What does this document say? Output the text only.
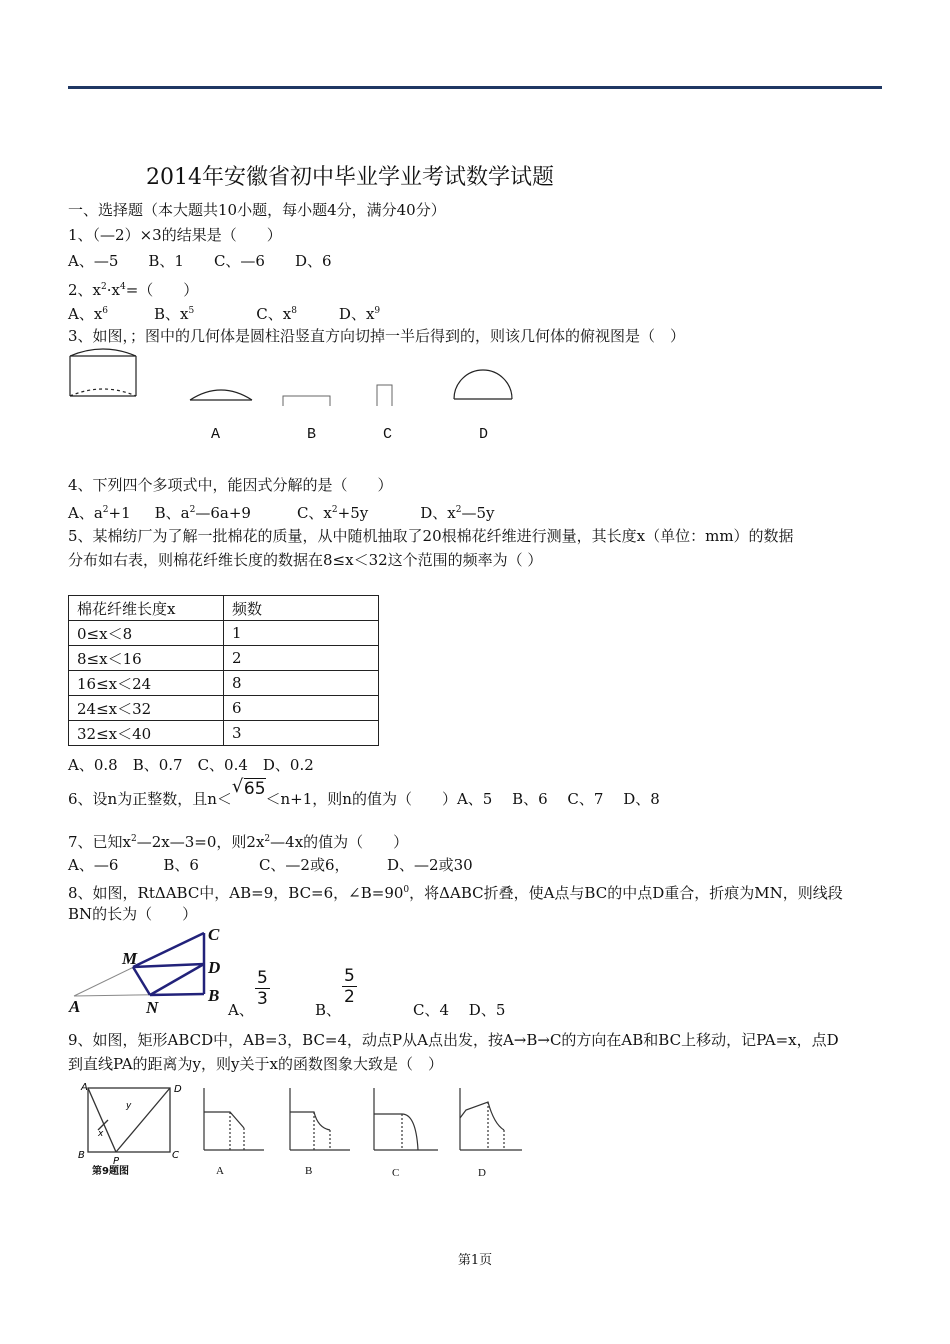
2014年安徽省初中毕业学业考试数学试题
一、选择题（本大题共10小题，每小题4分，满分40分）
1、（—2）×3的结果是（　　）
A、—5　　B、1　　C、—6　　D、6
2、$x^2\cdot x^4=$（　　）
A、$x^6$	B、$x^5$	C、$x^8$	D、$x^9$
3、如图，；图中的几何体是圆柱沿竖直方向切掉一半后得到的，则该几何体的俯视图是（　）
A	B	C	D
4、下列四个多项式中，能因式分解的是（　　）
A、$a^2+1$ B、$a^2—6a+9$	C、$x^2+5y$	D、$x^2—5y$
5、某棉纺厂为了解一批棉花的质量，从中随机抽取了20根棉花纤维进行测量，其长度x（单位：mm）的数据
分布如右表，则棉花纤维长度的数据在8≤x＜32这个范围的频率为（ ）
棉花纤维长度x	频数
0≤x＜8	1
8≤x＜16	2
16≤x＜24	8
24≤x＜32	6
32≤x＜40	3
A、0.8　B、0.7　C、0.4　D、0.2
6、设n为正整数，且n＜
√ 65＜n+1，则n的值为（　　）A、5　 B、6　 C、7　 D、8
7、已知$x^2—2x—3=0$，则$2x^2—4x$的值为（　　）
A、—6　　　B、6　　　　C、—2或6，　　　D、—2或30
8、如图，RtΔABC中，AB=9，BC=6，$\angle B=90^0$，将ΔABC折叠，使A点与BC的中点D重合，折痕为MN，则线段
BN的长为（　　）
A
B
C
D
M
N	A、
$\frac{5}{3}$
B、
$\frac{5}{2}$
C、4　 D、5
9、如图，矩形ABCD中，AB=3，BC=4，动点P从A点出发，按A→B→C的方向在AB和BC上移动，记PA=x，点D
到直线PA的距离为y，则y关于x的函数图象大致是（　）
A	D
B	C
P
y
x
第9题图	A	B	C	D
第1页
